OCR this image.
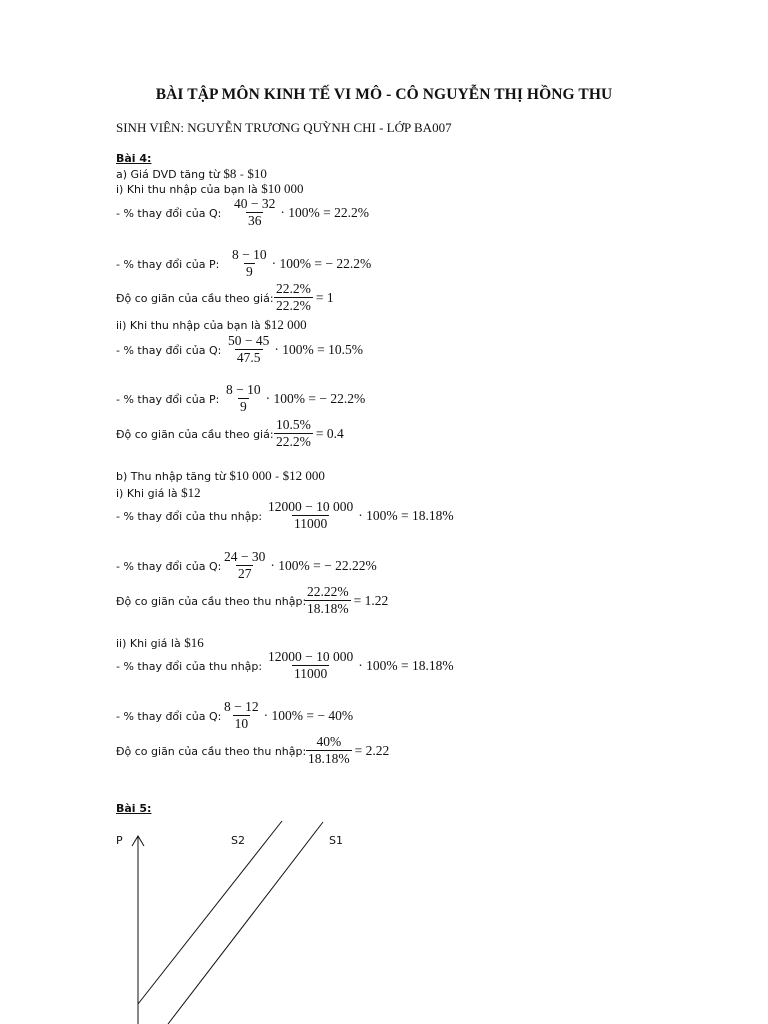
BÀI TẬP MÔN KINH TẾ VI MÔ - CÔ NGUYỄN THỊ HỒNG THU
SINH VIÊN: NGUYỄN TRƯƠNG QUỲNH CHI - LỚP BA007
Bài 4:
a) Giá DVD tăng từ $8 - $10
i) Khi thu nhập của bạn là $10 000
- % thay đổi của Q: $\frac{40 - 32}{36} \cdot 100\% = 22.2\%$
- % thay đổi của P: $\frac{8 - 10}{9} \cdot 100\%$ = − 22.2%
Độ co giãn của cầu theo giá: $\frac{22.2\%}{22.2\%} = 1$
ii) Khi thu nhập của bạn là $12 000
- % thay đổi của Q: $\frac{50 - 45}{47.5} \cdot 100\% = 10.5\%$
- % thay đổi của P: $\frac{8 - 10}{9} \cdot 100\%$ = − 22.2%
Độ co giãn của cầu theo giá: $\frac{10.5\%}{22.2\%} = 0.4$
b) Thu nhập tăng từ $10 000 - $12 000
i) Khi giá là $12
- % thay đổi của thu nhập: $\frac{12000 - 10 000}{11000} \cdot 100\% = 18.18\%$
- % thay đổi của Q: $\frac{24 - 30}{27} \cdot 100\%$ = − 22.22%
Độ co giãn của cầu theo thu nhập:
$\frac{22.22\%}{18.18\%} = 1.22$
ii) Khi giá là $16
- % thay đổi của thu nhập: $\frac{12000 - 10 000}{11000} \cdot 100\% = 18.18\%$
- % thay đổi của Q: $\frac{8 - 12}{10} \cdot 100\%$ = − 40%
Độ co giãn của cầu theo thu nhập: $\frac{40\%}{18.18\%} = 2.22$
Bài 5:
P	S2	S1
